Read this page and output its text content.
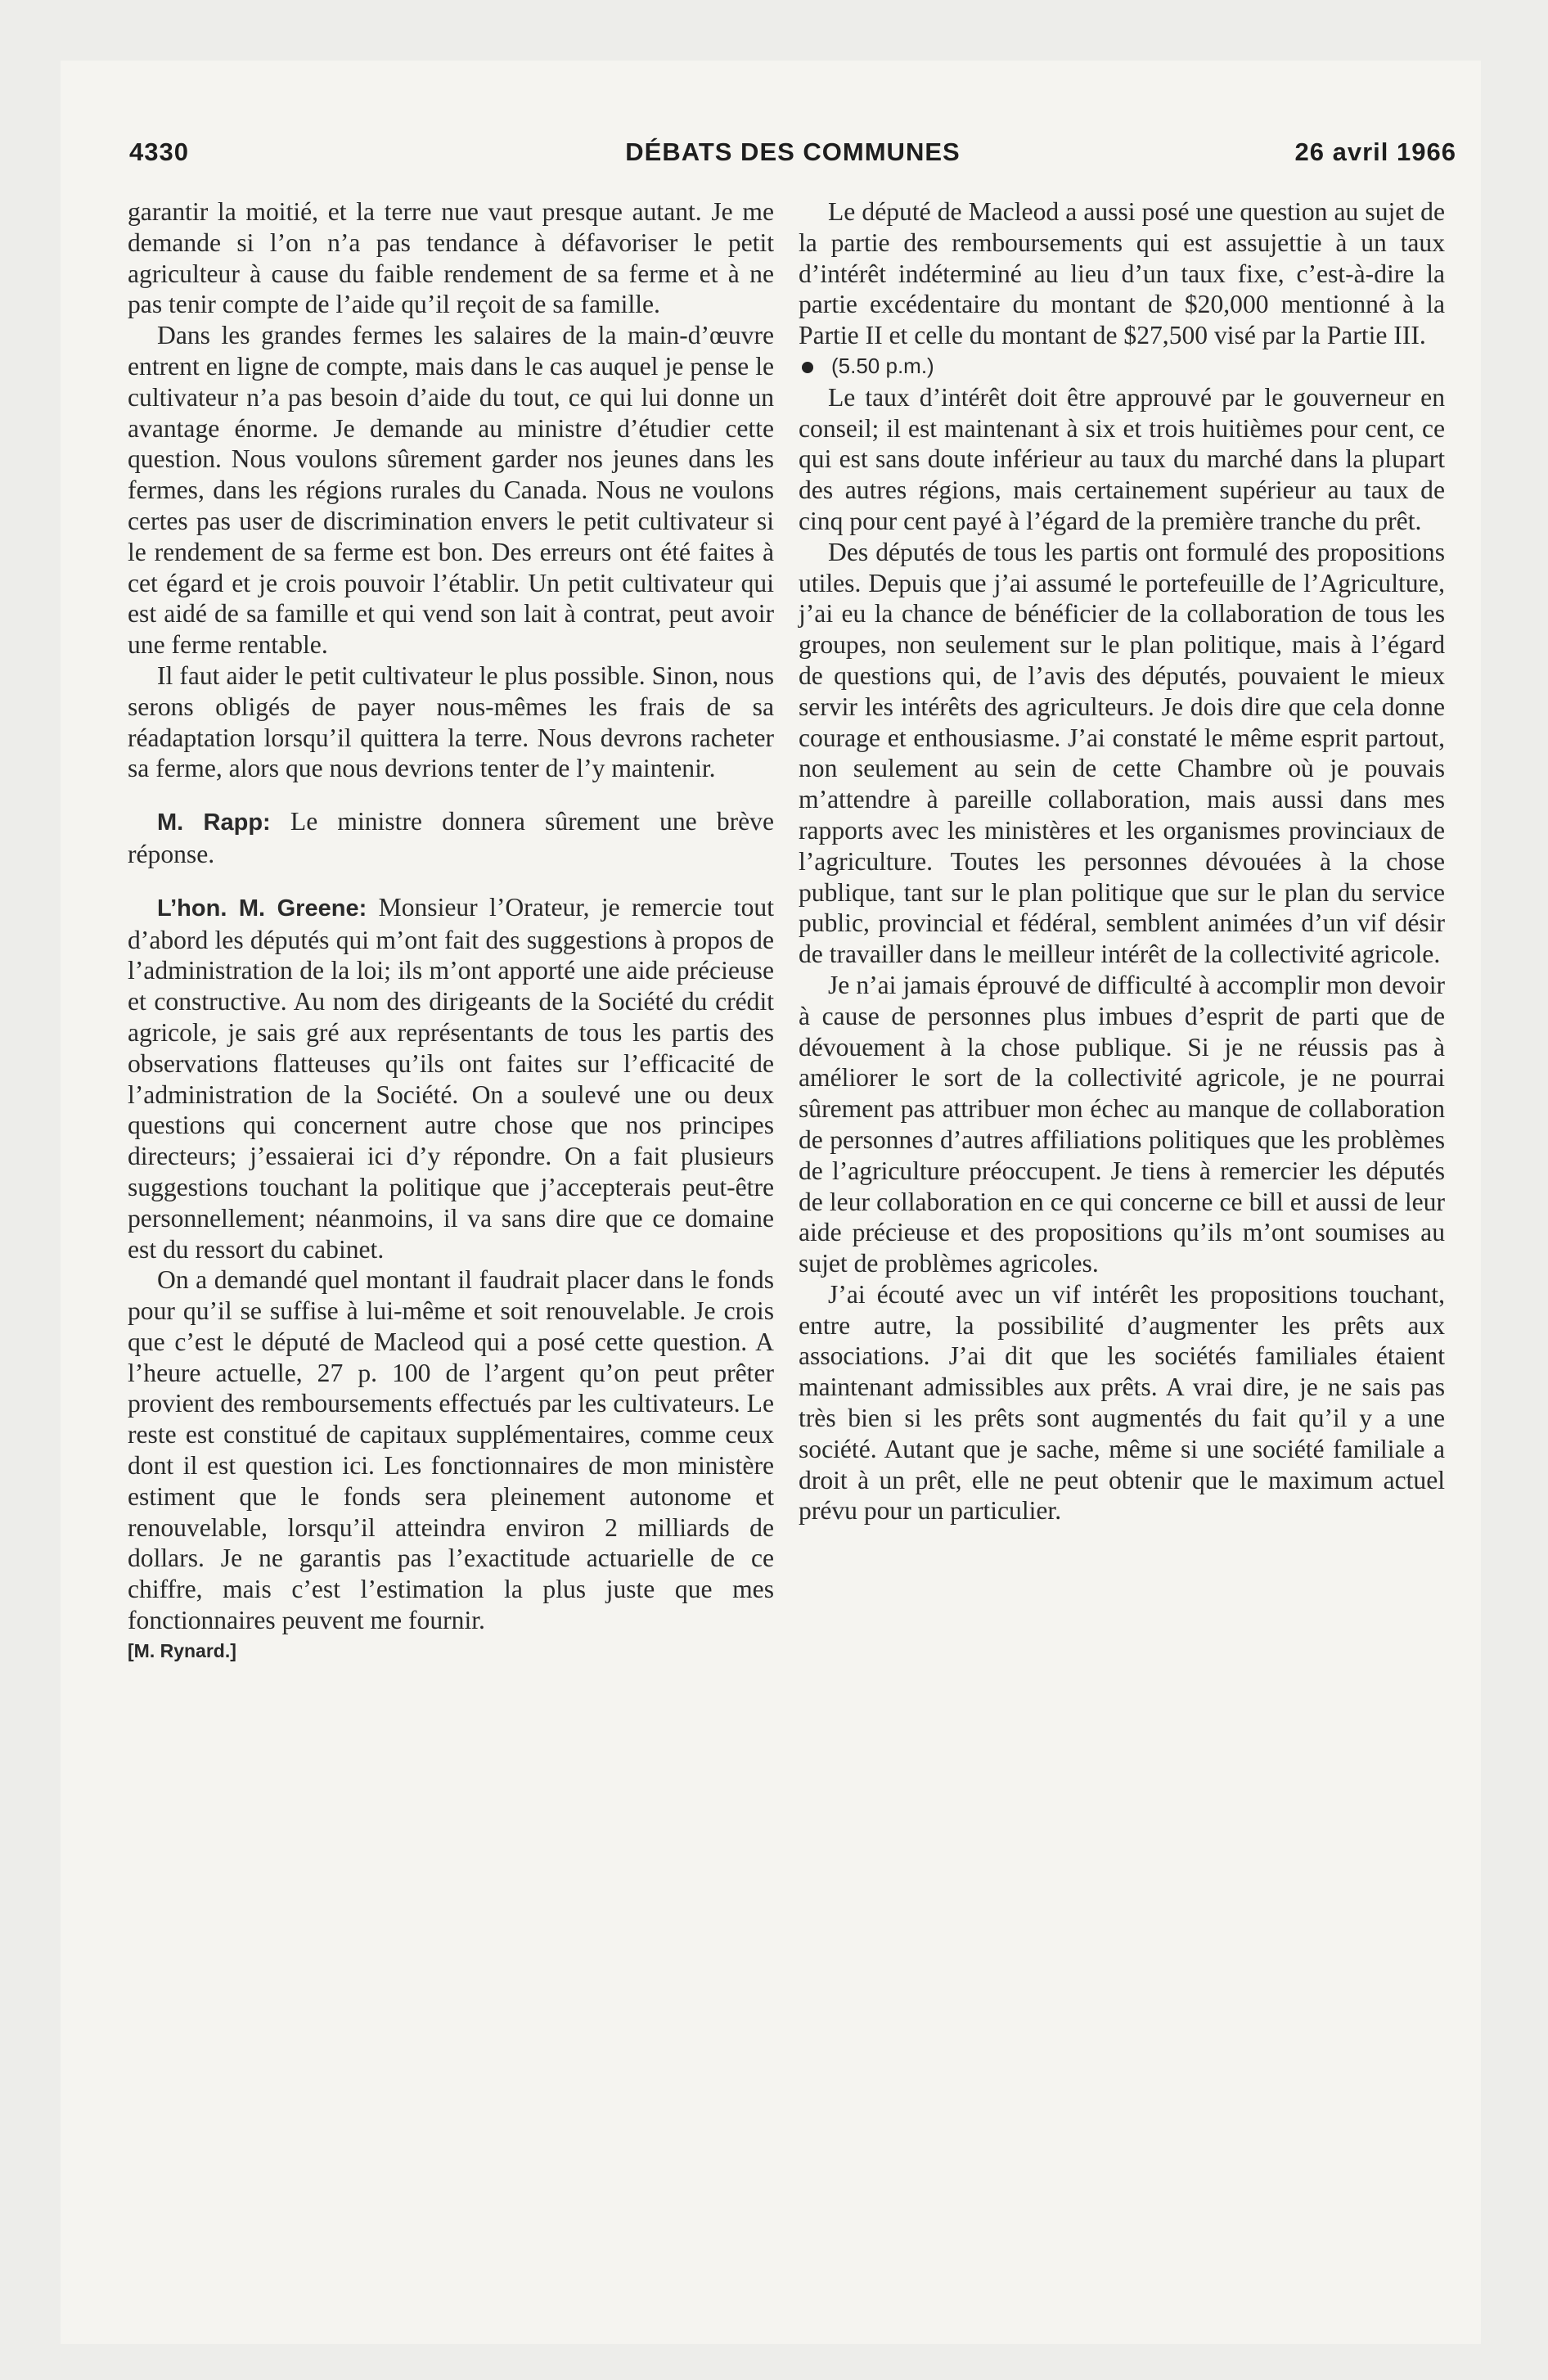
4330	DÉBATS DES COMMUNES	26 avril 1966

garantir la moitié, et la terre nue vaut presque autant. Je me demande si l’on n’a pas tendance à défavoriser le petit agriculteur à cause du faible rendement de sa ferme et à ne pas tenir compte de l’aide qu’il reçoit de sa famille.

Dans les grandes fermes les salaires de la main-d’œuvre entrent en ligne de compte, mais dans le cas auquel je pense le cultivateur n’a pas besoin d’aide du tout, ce qui lui donne un avantage énorme. Je demande au ministre d’étudier cette question. Nous voulons sûrement garder nos jeunes dans les fermes, dans les régions rurales du Canada. Nous ne voulons certes pas user de discrimination envers le petit cultivateur si le rendement de sa ferme est bon. Des erreurs ont été faites à cet égard et je crois pouvoir l’établir. Un petit cultivateur qui est aidé de sa famille et qui vend son lait à contrat, peut avoir une ferme rentable.

Il faut aider le petit cultivateur le plus possible. Sinon, nous serons obligés de payer nous-mêmes les frais de sa réadaptation lorsqu’il quittera la terre. Nous devrons racheter sa ferme, alors que nous devrions tenter de l’y maintenir.

M. Rapp: Le ministre donnera sûrement une brève réponse.

L’hon. M. Greene: Monsieur l’Orateur, je remercie tout d’abord les députés qui m’ont fait des suggestions à propos de l’administration de la loi; ils m’ont apporté une aide précieuse et constructive. Au nom des dirigeants de la Société du crédit agricole, je sais gré aux représentants de tous les partis des observations flatteuses qu’ils ont faites sur l’efficacité de l’administration de la Société. On a soulevé une ou deux questions qui concernent autre chose que nos principes directeurs; j’essaierai ici d’y répondre. On a fait plusieurs suggestions touchant la politique que j’accepterais peut-être personnellement; néanmoins, il va sans dire que ce domaine est du ressort du cabinet.

On a demandé quel montant il faudrait placer dans le fonds pour qu’il se suffise à lui-même et soit renouvelable. Je crois que c’est le député de Macleod qui a posé cette question. A l’heure actuelle, 27 p. 100 de l’argent qu’on peut prêter provient des remboursements effectués par les cultivateurs. Le reste est constitué de capitaux supplémentaires, comme ceux dont il est question ici. Les fonctionnaires de mon ministère estiment que le fonds sera pleinement autonome et renouvelable, lorsqu’il atteindra environ 2 milliards de dollars. Je ne garantis pas l’exactitude actuarielle de ce chiffre, mais c’est l’estimation la plus juste que mes fonctionnaires peuvent me fournir.

[M. Rynard.]

Le député de Macleod a aussi posé une question au sujet de la partie des remboursements qui est assujettie à un taux d’intérêt indéterminé au lieu d’un taux fixe, c’est-à-dire la partie excédentaire du montant de $20,000 mentionné à la Partie II et celle du montant de $27,500 visé par la Partie III.

(5.50 p.m.)

Le taux d’intérêt doit être approuvé par le gouverneur en conseil; il est maintenant à six et trois huitièmes pour cent, ce qui est sans doute inférieur au taux du marché dans la plupart des autres régions, mais certainement supérieur au taux de cinq pour cent payé à l’égard de la première tranche du prêt.

Des députés de tous les partis ont formulé des propositions utiles. Depuis que j’ai assumé le portefeuille de l’Agriculture, j’ai eu la chance de bénéficier de la collaboration de tous les groupes, non seulement sur le plan politique, mais à l’égard de questions qui, de l’avis des députés, pouvaient le mieux servir les intérêts des agriculteurs. Je dois dire que cela donne courage et enthousiasme. J’ai constaté le même esprit partout, non seulement au sein de cette Chambre où je pouvais m’attendre à pareille collaboration, mais aussi dans mes rapports avec les ministères et les organismes provinciaux de l’agriculture. Toutes les personnes dévouées à la chose publique, tant sur le plan politique que sur le plan du service public, provincial et fédéral, semblent animées d’un vif désir de travailler dans le meilleur intérêt de la collectivité agricole.

Je n’ai jamais éprouvé de difficulté à accomplir mon devoir à cause de personnes plus imbues d’esprit de parti que de dévouement à la chose publique. Si je ne réussis pas à améliorer le sort de la collectivité agricole, je ne pourrai sûrement pas attribuer mon échec au manque de collaboration de personnes d’autres affiliations politiques que les problèmes de l’agriculture préoccupent. Je tiens à remercier les députés de leur collaboration en ce qui concerne ce bill et aussi de leur aide précieuse et des propositions qu’ils m’ont soumises au sujet de problèmes agricoles.

J’ai écouté avec un vif intérêt les propositions touchant, entre autre, la possibilité d’augmenter les prêts aux associations. J’ai dit que les sociétés familiales étaient maintenant admissibles aux prêts. A vrai dire, je ne sais pas très bien si les prêts sont augmentés du fait qu’il y a une société. Autant que je sache, même si une société familiale a droit à un prêt, elle ne peut obtenir que le maximum actuel prévu pour un particulier.
